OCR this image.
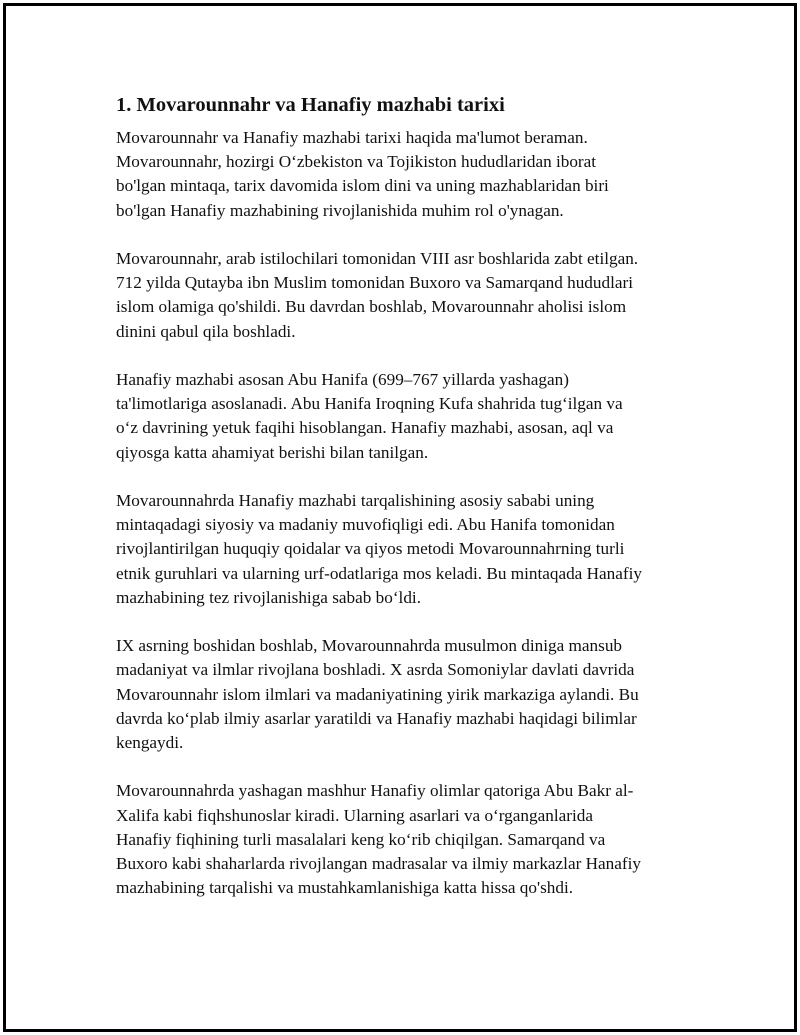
1. Movarounnahr va Hanafiy mazhabi tarixi

Movarounnahr va Hanafiy mazhabi tarixi haqida ma'lumot beraman.
Movarounnahr, hozirgi O‘zbekiston va Tojikiston hududlaridan iborat
bo'lgan mintaqa, tarix davomida islom dini va uning mazhablaridan biri
bo'lgan Hanafiy mazhabining rivojlanishida muhim rol o'ynagan.

Movarounnahr, arab istilochilari tomonidan VIII asr boshlarida zabt etilgan.
712 yilda Qutayba ibn Muslim tomonidan Buxoro va Samarqand hududlari
islom olamiga qo'shildi. Bu davrdan boshlab, Movarounnahr aholisi islom
dinini qabul qila boshladi.

Hanafiy mazhabi asosan Abu Hanifa (699–767 yillarda yashagan)
ta'limotlariga asoslanadi. Abu Hanifa Iroqning Kufa shahrida tug‘ilgan va
o‘z davrining yetuk faqihi hisoblangan. Hanafiy mazhabi, asosan, aql va
qiyosga katta ahamiyat berishi bilan tanilgan.

Movarounnahrda Hanafiy mazhabi tarqalishining asosiy sababi uning
mintaqadagi siyosiy va madaniy muvofiqligi edi. Abu Hanifa tomonidan
rivojlantirilgan huquqiy qoidalar va qiyos metodi Movarounnahrning turli
etnik guruhlari va ularning urf-odatlariga mos keladi. Bu mintaqada Hanafiy
mazhabining tez rivojlanishiga sabab bo‘ldi.

IX asrning boshidan boshlab, Movarounnahrda musulmon diniga mansub
madaniyat va ilmlar rivojlana boshladi. X asrda Somoniylar davlati davrida
Movarounnahr islom ilmlari va madaniyatining yirik markaziga aylandi. Bu
davrda ko‘plab ilmiy asarlar yaratildi va Hanafiy mazhabi haqidagi bilimlar
kengaydi.

Movarounnahrda yashagan mashhur Hanafiy olimlar qatoriga Abu Bakr al-
Xalifa kabi fiqhshunoslar kiradi. Ularning asarlari va o‘rganganlarida
Hanafiy fiqhining turli masalalari keng ko‘rib chiqilgan. Samarqand va
Buxoro kabi shaharlarda rivojlangan madrasalar va ilmiy markazlar Hanafiy
mazhabining tarqalishi va mustahkamlanishiga katta hissa qo'shdi.
